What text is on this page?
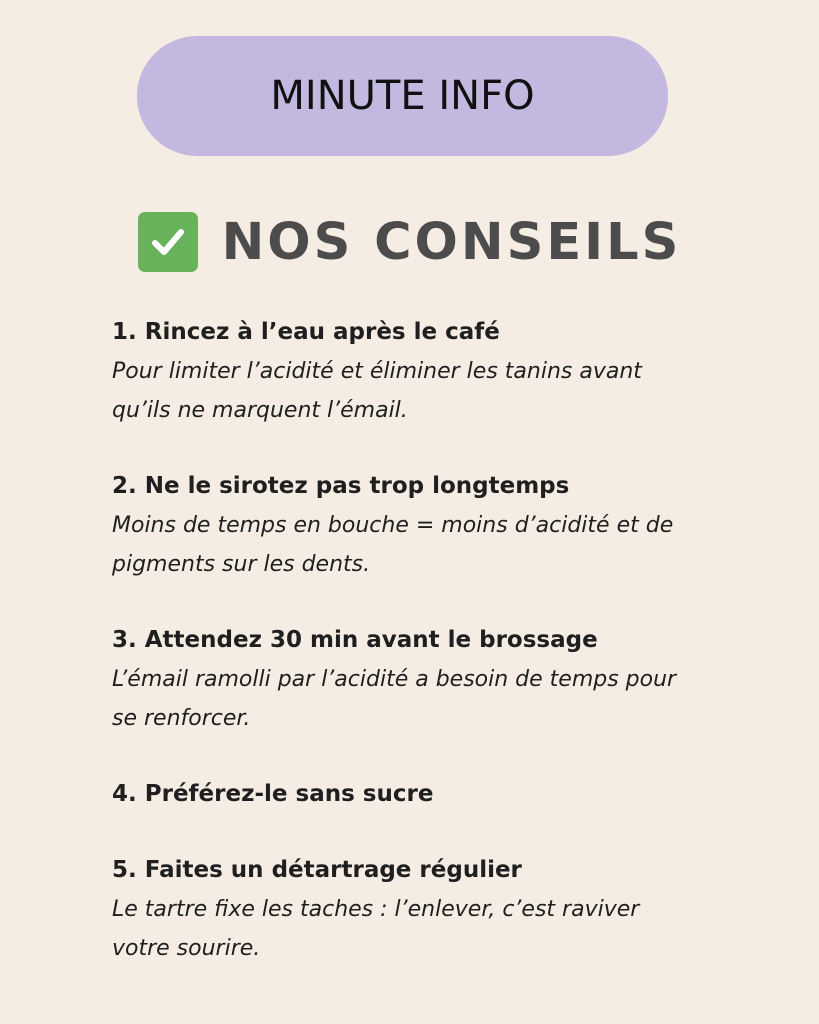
MINUTE INFO
NOS CONSEILS
1. Rincez à l’eau après le café
Pour limiter l’acidité et éliminer les tanins avant
qu’ils ne marquent l’émail.
2. Ne le sirotez pas trop longtemps
Moins de temps en bouche = moins d’acidité et de
pigments sur les dents.
3. Attendez 30 min avant le brossage
L’émail ramolli par l’acidité a besoin de temps pour
se renforcer.
4. Préférez-le sans sucre
5. Faites un détartrage régulier
Le tartre fixe les taches : l’enlever, c’est raviver
votre sourire.
